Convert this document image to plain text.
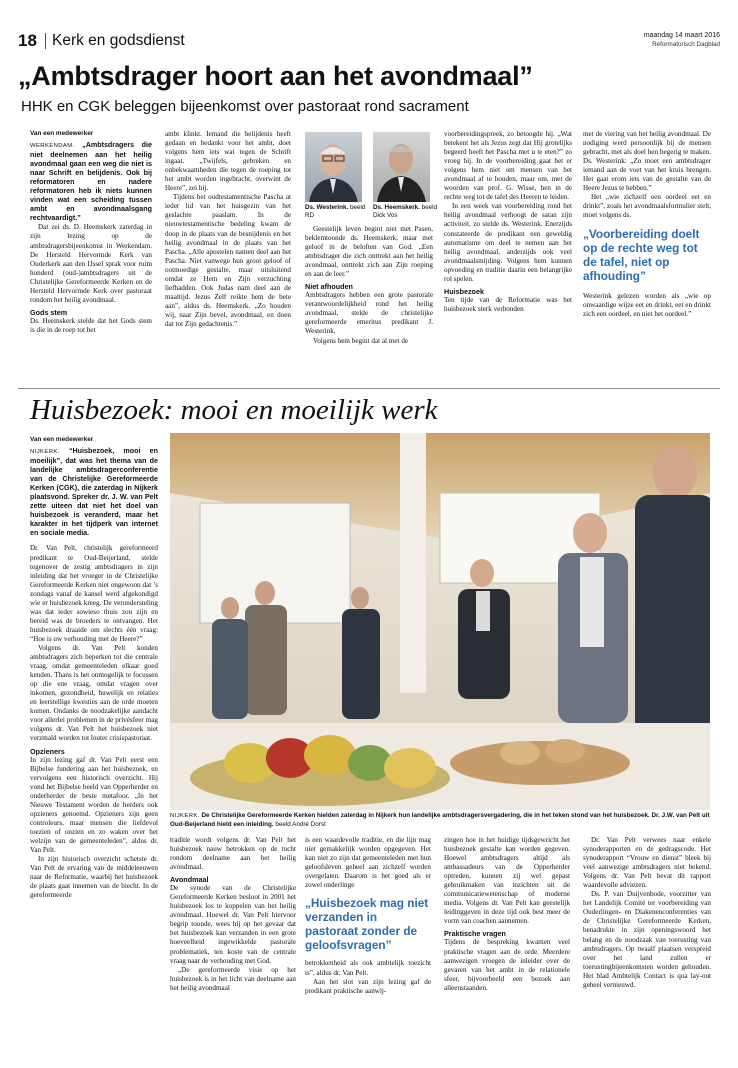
18 Kerk en godsdienst	maandag 14 maart 2016
Reformatorisch Dagblad
„Ambtsdrager hoort aan het avondmaal”
HHK en CGK beleggen bijeenkomst over pastoraat rond sacrament
Van een medewerker

WERKENDAM. „Ambtsdragers die niet deelnemen aan het heilig avondmaal gaan een weg die niet is naar Schrift en belijdenis. Ook bij reformatoren en nadere reformatoren heb ik niets kunnen vinden wat een scheiding tussen ambt en avondmaalsgang rechtvaardigt.”

Dat zei ds. D. Heemskerk zaterdag in zijn lezing op de ambtsdragersbijeenkomst in Werkendam. De Hersteld Hervormde Kerk van Ouderkerk aan den IJssel sprak voor ruim honderd (oud-)ambtsdragers uit de Christelijke Gereformeerde Kerken en de Hersteld Hervormde Kerk over pastoraat rondom het heilig avondmaal.

Gods stem

Ds. Heemskerk stelde dat het Gods stem is die in de roep tot het

ambt klinkt. Iemand die belijdenis heeft gedaan en bedankt voor het ambt, doet volgens hem iets wat tegen de Schrift ingaat. „Twijfels, gebreken en onbekwaamheden die tegen de roeping tot het ambt worden ingebracht, overwint de Heere”, zei hij.

Tijdens het oudtestamentische Pascha at ieder lid van het huisgezin van het geslachte paaslam. In de nieuwtestamentische bedeling kwam de doop in de plaats van de besnijdenis en het heilig avondmaal in de plaats van het Pascha. „Alle apostelen namen deel aan het Pascha. Niet vanwege hun groot geloof of ootmoedige gestalte, maar uitsluitend omdat ze Hem en Zijn verzuchting liefhadden. Ook Judas nam deel aan de maaltijd. Jezus Zelf reikte hem de bete aan”, aldus ds. Heemskerk. „Zo houden wij, naar Zijn bevel, avondmaal, en doen dat tot Zijn gedachtenis.”

Ds. Westerink. beeld RD
Ds. Heemskerk. beeld Dick Vos

Geestelijk leven begint niet met Pasen, beklemtoonde ds. Heemskerk, maar met geloof in de beloften van God. „Een ambtsdrager die zich onttrekt aan het heilig avondmaal, onttrekt zich aan Zijn roeping en aan de leer.”

Niet afhouden

Ambtsdragers hebben een grote pastorale verantwoordelijkheid rond het heilig avondmaal, stelde de christelijke gereformeerde emeritus predikant J. Westerink.

Volgens hem begint dat al met de

voorbereidingspreek, zo betoogde hij. „Wat betekent het als Jezus zegt dat Hij grotelijks begeerd heeft het Pascha met u te eten?” zo vroeg hij. In de voorbereiding gaat het er volgens hem niet om mensen van het avondmaal af te houden, maar om, met de woorden van prof. G. Wisse, hen in de rechte weg tot de tafel des Heeren te leiden.

In een week van voorbereiding rond het heilig avondmaal verhoogt de satan zijn activiteit, zo stelde ds. Westerink. Enerzijds constateerde de predikant een geweldig automatisme om deel te nemen aan het heilig avondmaal, anderzijds ook veel avondmaalsmijding. Volgens hem kunnen opvoeding en traditie daarin een belangrijke rol spelen.

Huisbezoek

Ten tijde van de Reformatie was het huisbezoek sterk verbonden

met de viering van het heilig avondmaal. De nodiging werd persoonlijk bij de mensen gebracht, met als doel hen begerig te maken. Ds. Westerink: „Zo moet een ambtsdrager iemand aan de voet van het kruis brengen. Het gaat erom iets van de gestalte van de Heere Jezus te hebben.”

Het „wie zichzelf een oordeel eet en drinkt”, zoals het avondmaalsformulier stelt, moet volgens ds.

„Voorbereiding doelt op de rechte weg tot de tafel, niet op afhouding”

Westerink gelezen worden als „wie op onwaardige wijze eet en drinkt, eet en drinkt zich een oordeel, en niet het oordeel.”

Huisbezoek: mooi en moeilijk werk
Van een medewerker

NIJKERK. “Huisbezoek, mooi en moeilijk”, dat was het thema van de landelijke ambtsdragerconferentie van de Christelijke Gereformeerde Kerken (CGK), die zaterdag in Nijkerk plaatsvond. Spreker dr. J. W. van Pelt zette uiteen dat niet het doel van huisbezoek is veranderd, maar het karakter in het tijdperk van internet en sociale media.

Dr. Van Pelt, christelijk gereformeerd predikant te Oud-Beijerland, stelde tegenover de zestig ambtsdragers in zijn inleiding dat het vroeger in de Christelijke Gereformeerde Kerken niet ongewoon dat ’s zondags vanaf de kansel werd afgekondigd wie er huisbezoek kreeg. De verondersteling was dat ieder sowieso thuis zou zijn en bereid was de broeders te ontvangen. Het huisbezoek draaide om slechts één vraag: “Hoe is uw verhouding met de Heere?”

Volgens dr. Van Pelt konden ambtsdragers zich beperken tot die centrale vraag, omdat gemeenteleden elkaar goed kenden. Thans is het onmogelijk te focussen op die ene vraag, omdat vragen over inkomen, gezondheid, huwelijk en relaties en leerstellige kwesties aan de orde moeten komen. Ondanks de noodzakelijke aandacht voor allerlei problemen in de privésfeer mag volgens dr. Van Pelt het huisbezoek niet verzmald worden tot louter crisispastoraat.

Opzieners

In zijn lezing gaf dr. Van Pelt eerst een Bijbelse fundering aan het huisbezoek, en vervolgens een historisch overzicht. Hij vond het Bijbelse beeld van Opperherder en onderherder de beste metafoor. „In het Nieuwe Testament worden de herders ook opzieners genoemd. Opzieners zijn geen controleurs, maar mensen die liefdevol toezien of onzien en zo waken over het welzijn van de gemeenteleden”, aldus dr. Van Pelt.

In zijn historisch overzicht schetste dr. Van Pelt de ervaring van de middeleeuwen naar de Reformatie, waarbij het huisbezoek de plaats gaat innemen van de biecht. In de gereformeerde

NIJKERK. De Christelijke Gereformeerde Kerken hielden zaterdag in Nijkerk hun landelijke ambtsdragersvergadering, die in het teken stond van het huisbezoek. Dr. J.W. van Pelt uit Oud-Beijerland hield een inleiding. beeld André Dorst

traditie wordt volgens dr. Van Pelt het huisbezoek nauw betrokken op de tucht rondom deelname aan het heilig avondmaal.

Avondmaal

De synode van de Christelijke Gereformeerde Kerken besloot in 2001 het huisbezoek los te koppelen van het heilig avondmaal. Hoewel dr. Van Pelt hiervoor begrip toonde, wees hij op het gevaar dat het huisbezoek kan verzanden in een grote hoeveelheid ingewikkelde pastorale problematiek, ten koste van de centrale vraag naar de verhouding met God.

„De gereformeerde visie op het huisbezoek is in het licht van deelname aan het heilig avondmaal

is een waardevolle traditie, en die lijn mag niet gemakkelijk worden opgegeven. Het kan niet zo zijn dat gemeenteleden met hun geloofsleven geheel aan zichzelf worden overgelaten. Daarom is het goed als er zowel onderlinge

„Huisbezoek mag niet verzanden in pastoraat zonder de geloofsvragen”

betrokkenheid als ook ambtelijk toezicht is”, aldus dr. Van Pelt.

Aan het slot van zijn lezing gaf de predikant praktische aanwij-

zingen hoe in het huidige tijdsgewricht het huisbezoek gestalte kan worden gegeven. Hoewel ambtsdragers altijd als ambassadeurs van de Opperherder optreden, kunnen zij wel gepast gebruikmaken van inzichten uit de communicatiewetenschap of moderne media. Volgens dr. Van Pelt kan geestelijk leidinggeven in deze tijd ook best meer de vorm van coachen aannemen.

Praktische vragen

Tijdens de bespreking kwamen veel praktische vragen aan de orde. Meerdere aanwezigen vroegen de inleider over de gevaren van het ambt in de relationele sfeer, bijvoorbeeld een bezoek aan alleenstaanden.

Dr. Van Pelt verwees naar enkele synoderapporten en de gedragscode. Het synoderapport “Vrouw en dienst” bleek bij veel aanwezige ambtsdragers niet bekend. Volgens dr. Van Pelt bevat dit rapport waardevolle adviezen.

Ds. P. van Duijvenbode, voorzitter van het Landelijk Comité ter voorbereiding van Ouderlingen- en Diakenenconferenties van de Christelijke Gereformeerde Kerken, benadrukte in zijn openingswoord het belang en de noodzaak van toerusting van ambtsdragers. Op twaalf plaatsen verspreid over het land zullen er toerustingbijeenkomsten worden gehouden. Het blad Ambtelijk Contact is qua lay-out geheel vernieuwd.
